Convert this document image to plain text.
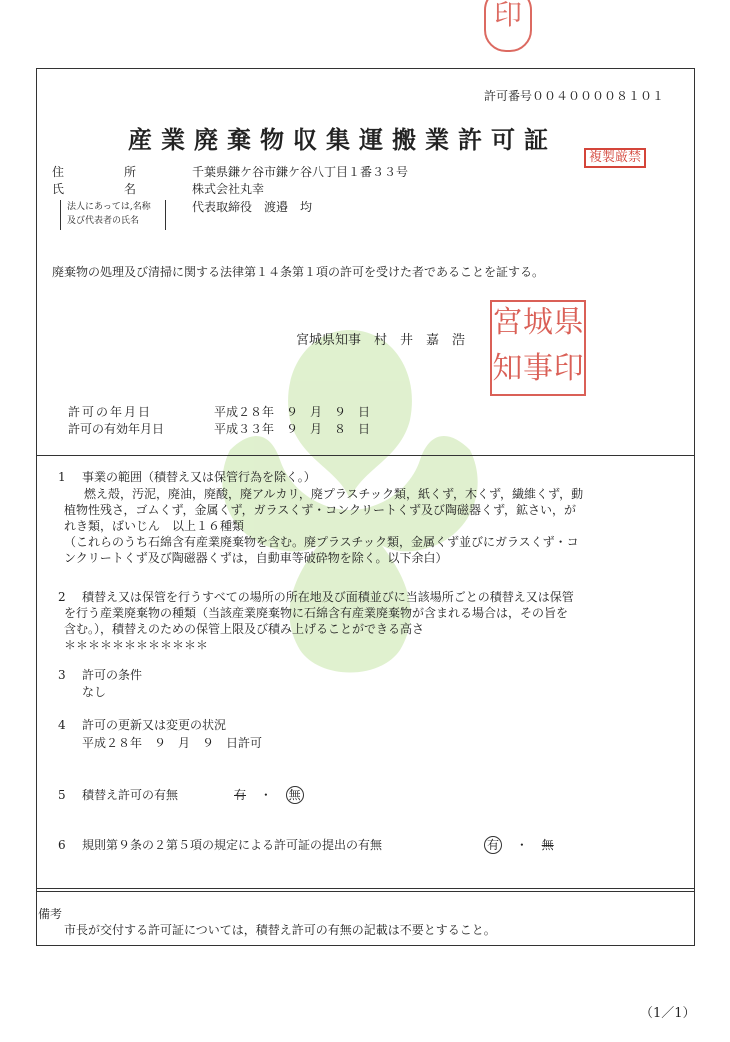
印
許可番号００４００００８１０１
産業廃棄物収集運搬業許可証
複製厳禁
住　　　　　所	千葉県鎌ケ谷市鎌ケ谷八丁目１番３３号
氏　　　　　名	株式会社丸幸
法人にあっては,名称
及び代表者の氏名
代表取締役　渡邉　均
廃棄物の処理及び清掃に関する法律第１４条第１項の許可を受けた者であることを証する。
宮城県知事　村　井　嘉　浩
宮 城 県
知 事 印
許可の年月日	平成２８年　９　月　９　日
許可の有効年月日	平成３３年　９　月　８　日
1 事業の範囲（積替え又は保管行為を除く。）
燃え殻，汚泥，廃油，廃酸，廃アルカリ，廃プラスチック類，紙くず，木くず，繊維くず，動
植物性残さ，ゴムくず，金属くず，ガラスくず・コンクリートくず及び陶磁器くず，鉱さい，が
れき類，ばいじん　以上１６種類
（これらのうち石綿含有産業廃棄物を含む。廃プラスチック類，金属くず並びにガラスくず・コ
ンクリートくず及び陶磁器くずは，自動車等破砕物を除く。以下余白）
2 積替え又は保管を行うすべての場所の所在地及び面積並びに当該場所ごとの積替え又は保管
を行う産業廃棄物の種類（当該産業廃棄物に石綿含有産業廃棄物が含まれる場合は，その旨を
含む。），積替えのための保管上限及び積み上げることができる高さ
＊＊＊＊＊＊＊＊＊＊＊＊
3 許可の条件
なし
4 許可の更新又は変更の状況
平成２８年　９　月　９　日許可
5 積替え許可の有無	有 ・ 無
6 規則第９条の２第５項の規定による許可証の提出の有無	有 ・ 無
備考
市長が交付する許可証については，積替え許可の有無の記載は不要とすること。
（1／1）
